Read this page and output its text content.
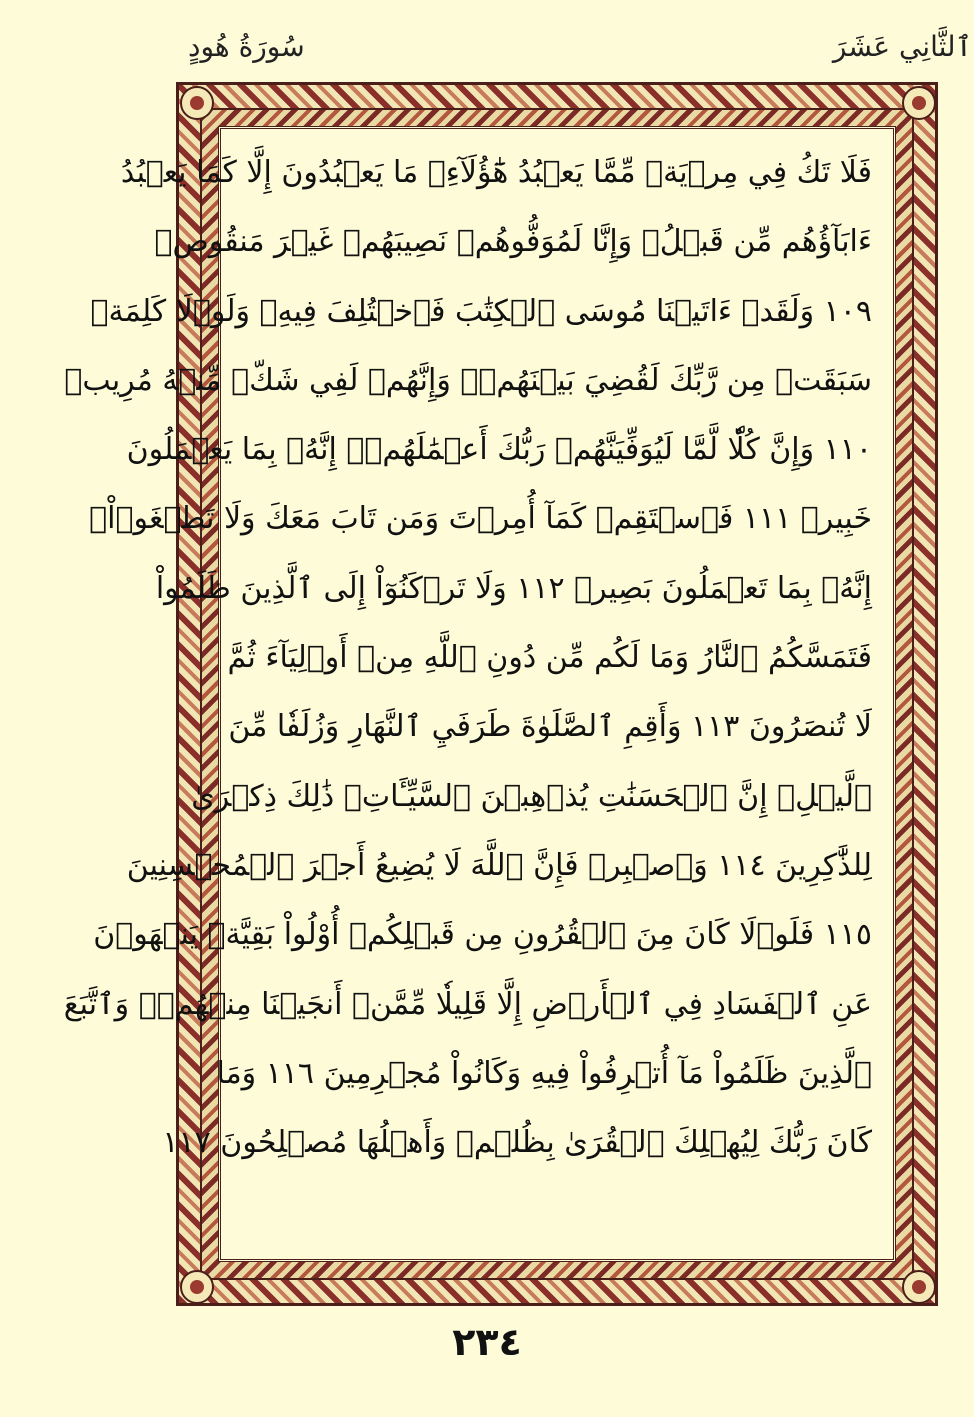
سُورَةُ هُودٍ	ٱلثَّانِي عَشَرَ
فَلَا تَكُ فِي مِرۡيَةٖ مِّمَّا يَعۡبُدُ هَٰٓؤُلَآءِۚ مَا يَعۡبُدُونَ إِلَّا كَمَا يَعۡبُدُ
ءَابَآؤُهُم مِّن قَبۡلُۚ وَإِنَّا لَمُوَفُّوهُمۡ نَصِيبَهُمۡ غَيۡرَ مَنقُوصٖ
١٠٩ وَلَقَدۡ ءَاتَيۡنَا مُوسَى ٱلۡكِتَٰبَ فَٱخۡتُلِفَ فِيهِۚ وَلَوۡلَا كَلِمَةٞ
سَبَقَتۡ مِن رَّبِّكَ لَقُضِيَ بَيۡنَهُمۡۚ وَإِنَّهُمۡ لَفِي شَكّٖ مِّنۡهُ مُرِيبٖ
١١٠ وَإِنَّ كُلّٗا لَّمَّا لَيُوَفِّيَنَّهُمۡ رَبُّكَ أَعۡمَٰلَهُمۡۚ إِنَّهُۥ بِمَا يَعۡمَلُونَ
خَبِيرٞ ١١١ فَٱسۡتَقِمۡ كَمَآ أُمِرۡتَ وَمَن تَابَ مَعَكَ وَلَا تَطۡغَوۡاْۚ
إِنَّهُۥ بِمَا تَعۡمَلُونَ بَصِيرٞ ١١٢ وَلَا تَرۡكَنُوٓاْ إِلَى ٱلَّذِينَ ظَلَمُواْ
فَتَمَسَّكُمُ ٱلنَّارُ وَمَا لَكُم مِّن دُونِ ٱللَّهِ مِنۡ أَوۡلِيَآءَ ثُمَّ
لَا تُنصَرُونَ ١١٣ وَأَقِمِ ٱلصَّلَوٰةَ طَرَفَيِ ٱلنَّهَارِ وَزُلَفٗا مِّنَ
ٱلَّيۡلِۚ إِنَّ ٱلۡحَسَنَٰتِ يُذۡهِبۡنَ ٱلسَّيِّـَٔاتِۚ ذَٰلِكَ ذِكۡرَىٰ
لِلذَّٰكِرِينَ ١١٤ وَٱصۡبِرۡ فَإِنَّ ٱللَّهَ لَا يُضِيعُ أَجۡرَ ٱلۡمُحۡسِنِينَ
١١٥ فَلَوۡلَا كَانَ مِنَ ٱلۡقُرُونِ مِن قَبۡلِكُمۡ أُوْلُواْ بَقِيَّةٖ يَنۡهَوۡنَ
عَنِ ٱلۡفَسَادِ فِي ٱلۡأَرۡضِ إِلَّا قَلِيلٗا مِّمَّنۡ أَنجَيۡنَا مِنۡهُمۡۗ وَٱتَّبَعَ
ٱلَّذِينَ ظَلَمُواْ مَآ أُتۡرِفُواْ فِيهِ وَكَانُواْ مُجۡرِمِينَ ١١٦ وَمَا
كَانَ رَبُّكَ لِيُهۡلِكَ ٱلۡقُرَىٰ بِظُلۡمٖ وَأَهۡلُهَا مُصۡلِحُونَ ١١٧
٢٣٤
